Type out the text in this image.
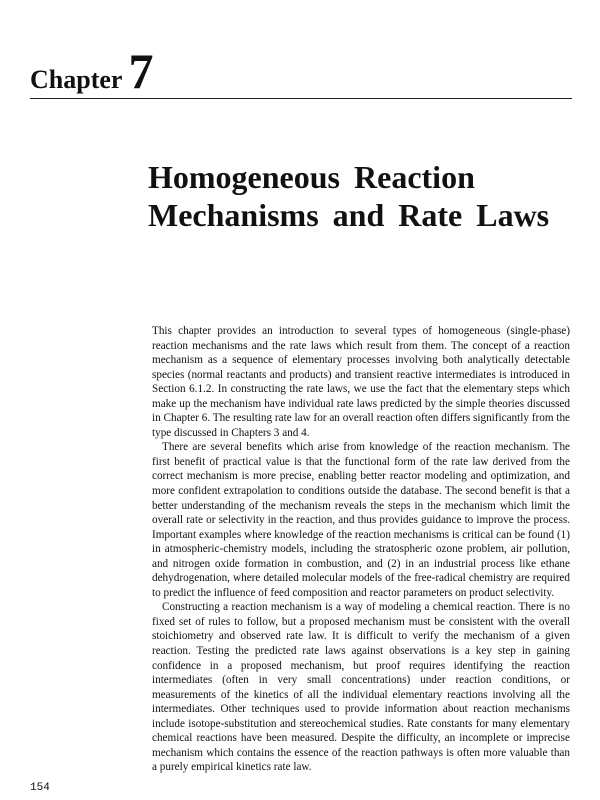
Chapter 7
Homogeneous Reaction
Mechanisms and Rate Laws

This chapter provides an introduction to several types of homogeneous (single-phase) reaction mechanisms and the rate laws which result from them. The concept of a reaction mechanism as a sequence of elementary processes involving both analytically detectable species (normal reactants and products) and transient reactive intermediates is introduced in Section 6.1.2. In constructing the rate laws, we use the fact that the elementary steps which make up the mechanism have individual rate laws predicted by the simple theories discussed in Chapter 6. The resulting rate law for an overall reaction often differs significantly from the type discussed in Chapters 3 and 4.

There are several benefits which arise from knowledge of the reaction mechanism. The first benefit of practical value is that the functional form of the rate law derived from the correct mechanism is more precise, enabling better reactor modeling and optimization, and more confident extrapolation to conditions outside the database. The second benefit is that a better understanding of the mechanism reveals the steps in the mechanism which limit the overall rate or selectivity in the reaction, and thus provides guidance to improve the process. Important examples where knowledge of the reaction mechanisms is critical can be found (1) in atmospheric-chemistry models, including the stratospheric ozone problem, air pollution, and nitrogen oxide formation in combustion, and (2) in an industrial process like ethane dehydrogenation, where detailed molecular models of the free-radical chemistry are required to predict the influence of feed composition and reactor parameters on product selectivity.

Constructing a reaction mechanism is a way of modeling a chemical reaction. There is no fixed set of rules to follow, but a proposed mechanism must be consistent with the overall stoichiometry and observed rate law. It is difficult to verify the mechanism of a given reaction. Testing the predicted rate laws against observations is a key step in gaining confidence in a proposed mechanism, but proof requires identifying the reaction intermediates (often in very small concentrations) under reaction conditions, or measurements of the kinetics of all the individual elementary reactions involving all the intermediates. Other techniques used to provide information about reaction mechanisms include isotope-substitution and stereochemical studies. Rate constants for many elementary chemical reactions have been measured. Despite the difficulty, an incomplete or imprecise mechanism which contains the essence of the reaction pathways is often more valuable than a purely empirical kinetics rate law.

154
